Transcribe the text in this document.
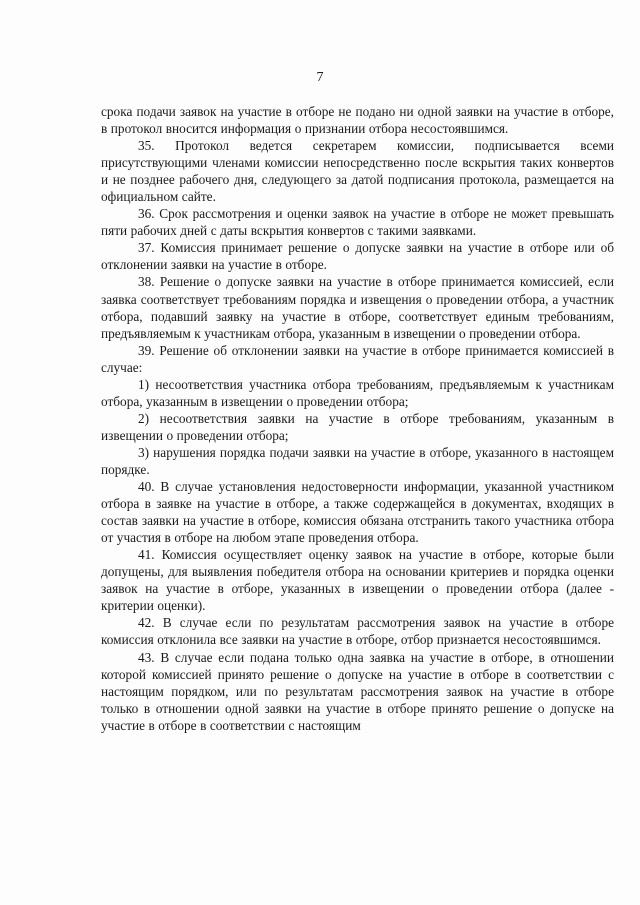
7

срока подачи заявок на участие в отборе не подано ни одной заявки на участие в отборе, в протокол вносится информация о признании отбора несостоявшимся.

35. Протокол ведется секретарем комиссии, подписывается всеми присутствующими членами комиссии непосредственно после вскрытия таких конвертов и не позднее рабочего дня, следующего за датой подписания протокола, размещается на официальном сайте.

36. Срок рассмотрения и оценки заявок на участие в отборе не может превышать пяти рабочих дней с даты вскрытия конвертов с такими заявками.

37. Комиссия принимает решение о допуске заявки на участие в отборе или об отклонении заявки на участие в отборе.

38. Решение о допуске заявки на участие в отборе принимается комиссией, если заявка соответствует требованиям порядка и извещения о проведении отбора, а участник отбора, подавший заявку на участие в отборе, соответствует единым требованиям, предъявляемым к участникам отбора, указанным в извещении о проведении отбора.

39. Решение об отклонении заявки на участие в отборе принимается комиссией в случае:

1) несоответствия участника отбора требованиям, предъявляемым к участникам отбора, указанным в извещении о проведении отбора;

2) несоответствия заявки на участие в отборе требованиям, указанным в извещении о проведении отбора;

3) нарушения порядка подачи заявки на участие в отборе, указанного в настоящем порядке.

40. В случае установления недостоверности информации, указанной участником отбора в заявке на участие в отборе, а также содержащейся в документах, входящих в состав заявки на участие в отборе, комиссия обязана отстранить такого участника отбора от участия в отборе на любом этапе проведения отбора.

41. Комиссия осуществляет оценку заявок на участие в отборе, которые были допущены, для выявления победителя отбора на основании критериев и порядка оценки заявок на участие в отборе, указанных в извещении о проведении отбора (далее - критерии оценки).

42. В случае если по результатам рассмотрения заявок на участие в отборе комиссия отклонила все заявки на участие в отборе, отбор признается несостоявшимся.

43. В случае если подана только одна заявка на участие в отборе, в отношении которой комиссией принято решение о допуске на участие в отборе в соответствии с настоящим порядком, или по результатам рассмотрения заявок на участие в отборе только в отношении одной заявки на участие в отборе принято решение о допуске на участие в отборе в соответствии с настоящим
